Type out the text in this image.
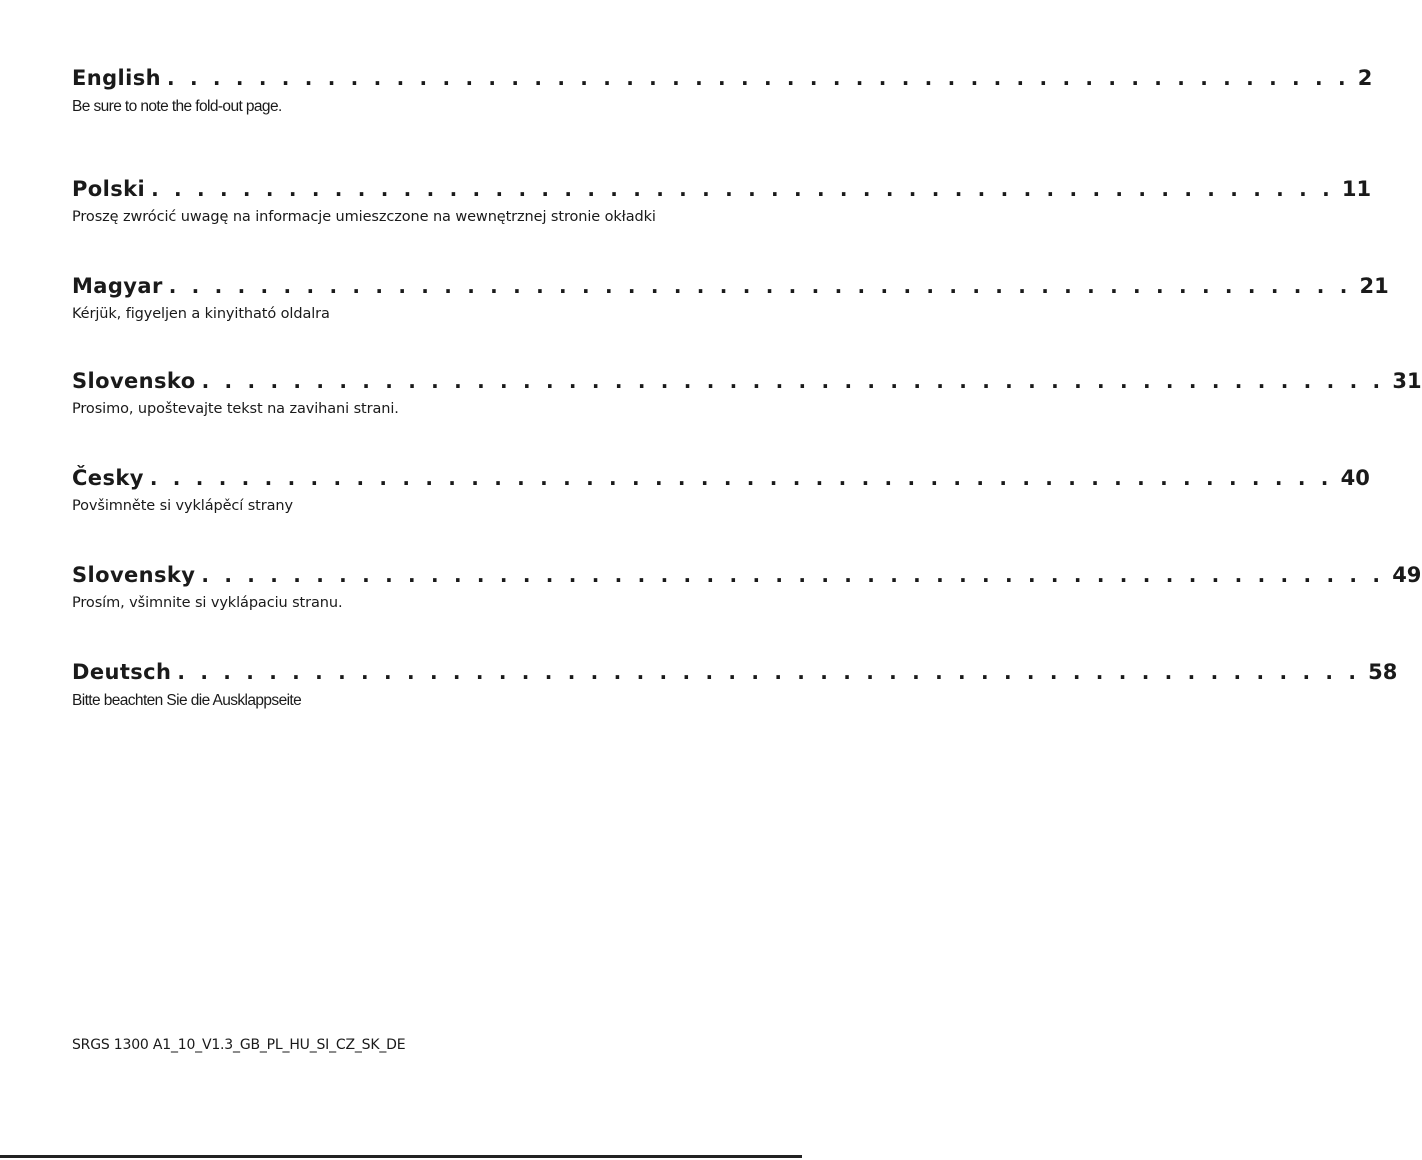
English . . . . . . . . . . . . . . . . . . . . . . . . . . . . . . . . . . . . . . . . . . . . . . . . . . . . 2
Be sure to note the fold-out page.
Polski . . . . . . . . . . . . . . . . . . . . . . . . . . . . . . . . . . . . . . . . . . . . . . . . . . . . 11
Proszę zwrócić uwagę na informacje umieszczone na wewnętrznej stronie okładki
Magyar . . . . . . . . . . . . . . . . . . . . . . . . . . . . . . . . . . . . . . . . . . . . . . . . . . . . 21
Kérjük, figyeljen a kinyitható oldalra
Slovensko . . . . . . . . . . . . . . . . . . . . . . . . . . . . . . . . . . . . . . . . . . . . . . . . . . . . 31
Prosimo, upoštevajte tekst na zavihani strani.
Česky . . . . . . . . . . . . . . . . . . . . . . . . . . . . . . . . . . . . . . . . . . . . . . . . . . . . 40
Povšimněte si vyklápěcí strany
Slovensky . . . . . . . . . . . . . . . . . . . . . . . . . . . . . . . . . . . . . . . . . . . . . . . . . . . . 49
Prosím, všimnite si vyklápaciu stranu.
Deutsch . . . . . . . . . . . . . . . . . . . . . . . . . . . . . . . . . . . . . . . . . . . . . . . . . . . . 58
Bitte beachten Sie die Ausklappseite
SRGS 1300 A1_10_V1.3_GB_PL_HU_SI_CZ_SK_DE
